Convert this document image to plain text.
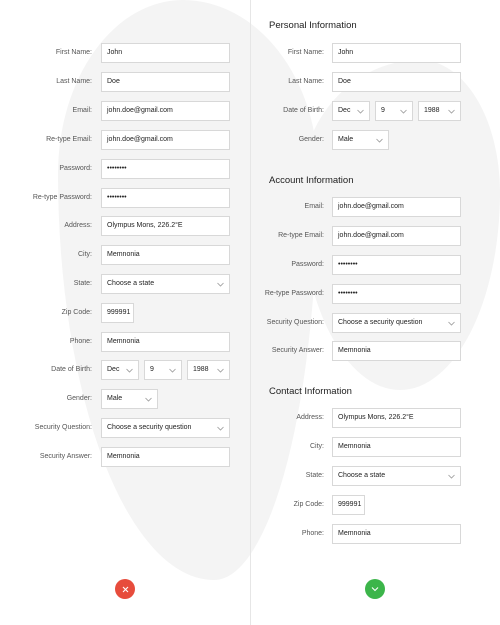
First Name: John
Last Name: Doe
Email: john.doe@gmail.com
Re-type Email: john.doe@gmail.com
Password: ••••••••
Re-type Password: ••••••••
Address: Olympus Mons, 226.2°E
City: Memnonia
State: Choose a state
Zip Code: 999991
Phone: Memnonia
Date of Birth: Dec	9	1988
Gender: Male
Security Question: Choose a security question
Security Answer: Memnonia
Personal Information
First Name: John
Last Name: Doe
Date of Birth: Dec	9	1988
Gender: Male
Account Information
Email: john.doe@gmail.com
Re-type Email: john.doe@gmail.com
Password: ••••••••
Re-type Password: ••••••••
Security Question: Choose a security question
Security Answer: Memnonia
Contact Information
Address: Olympus Mons, 226.2°E
City: Memnonia
State: Choose a state
Zip Code: 999991
Phone: Memnonia
